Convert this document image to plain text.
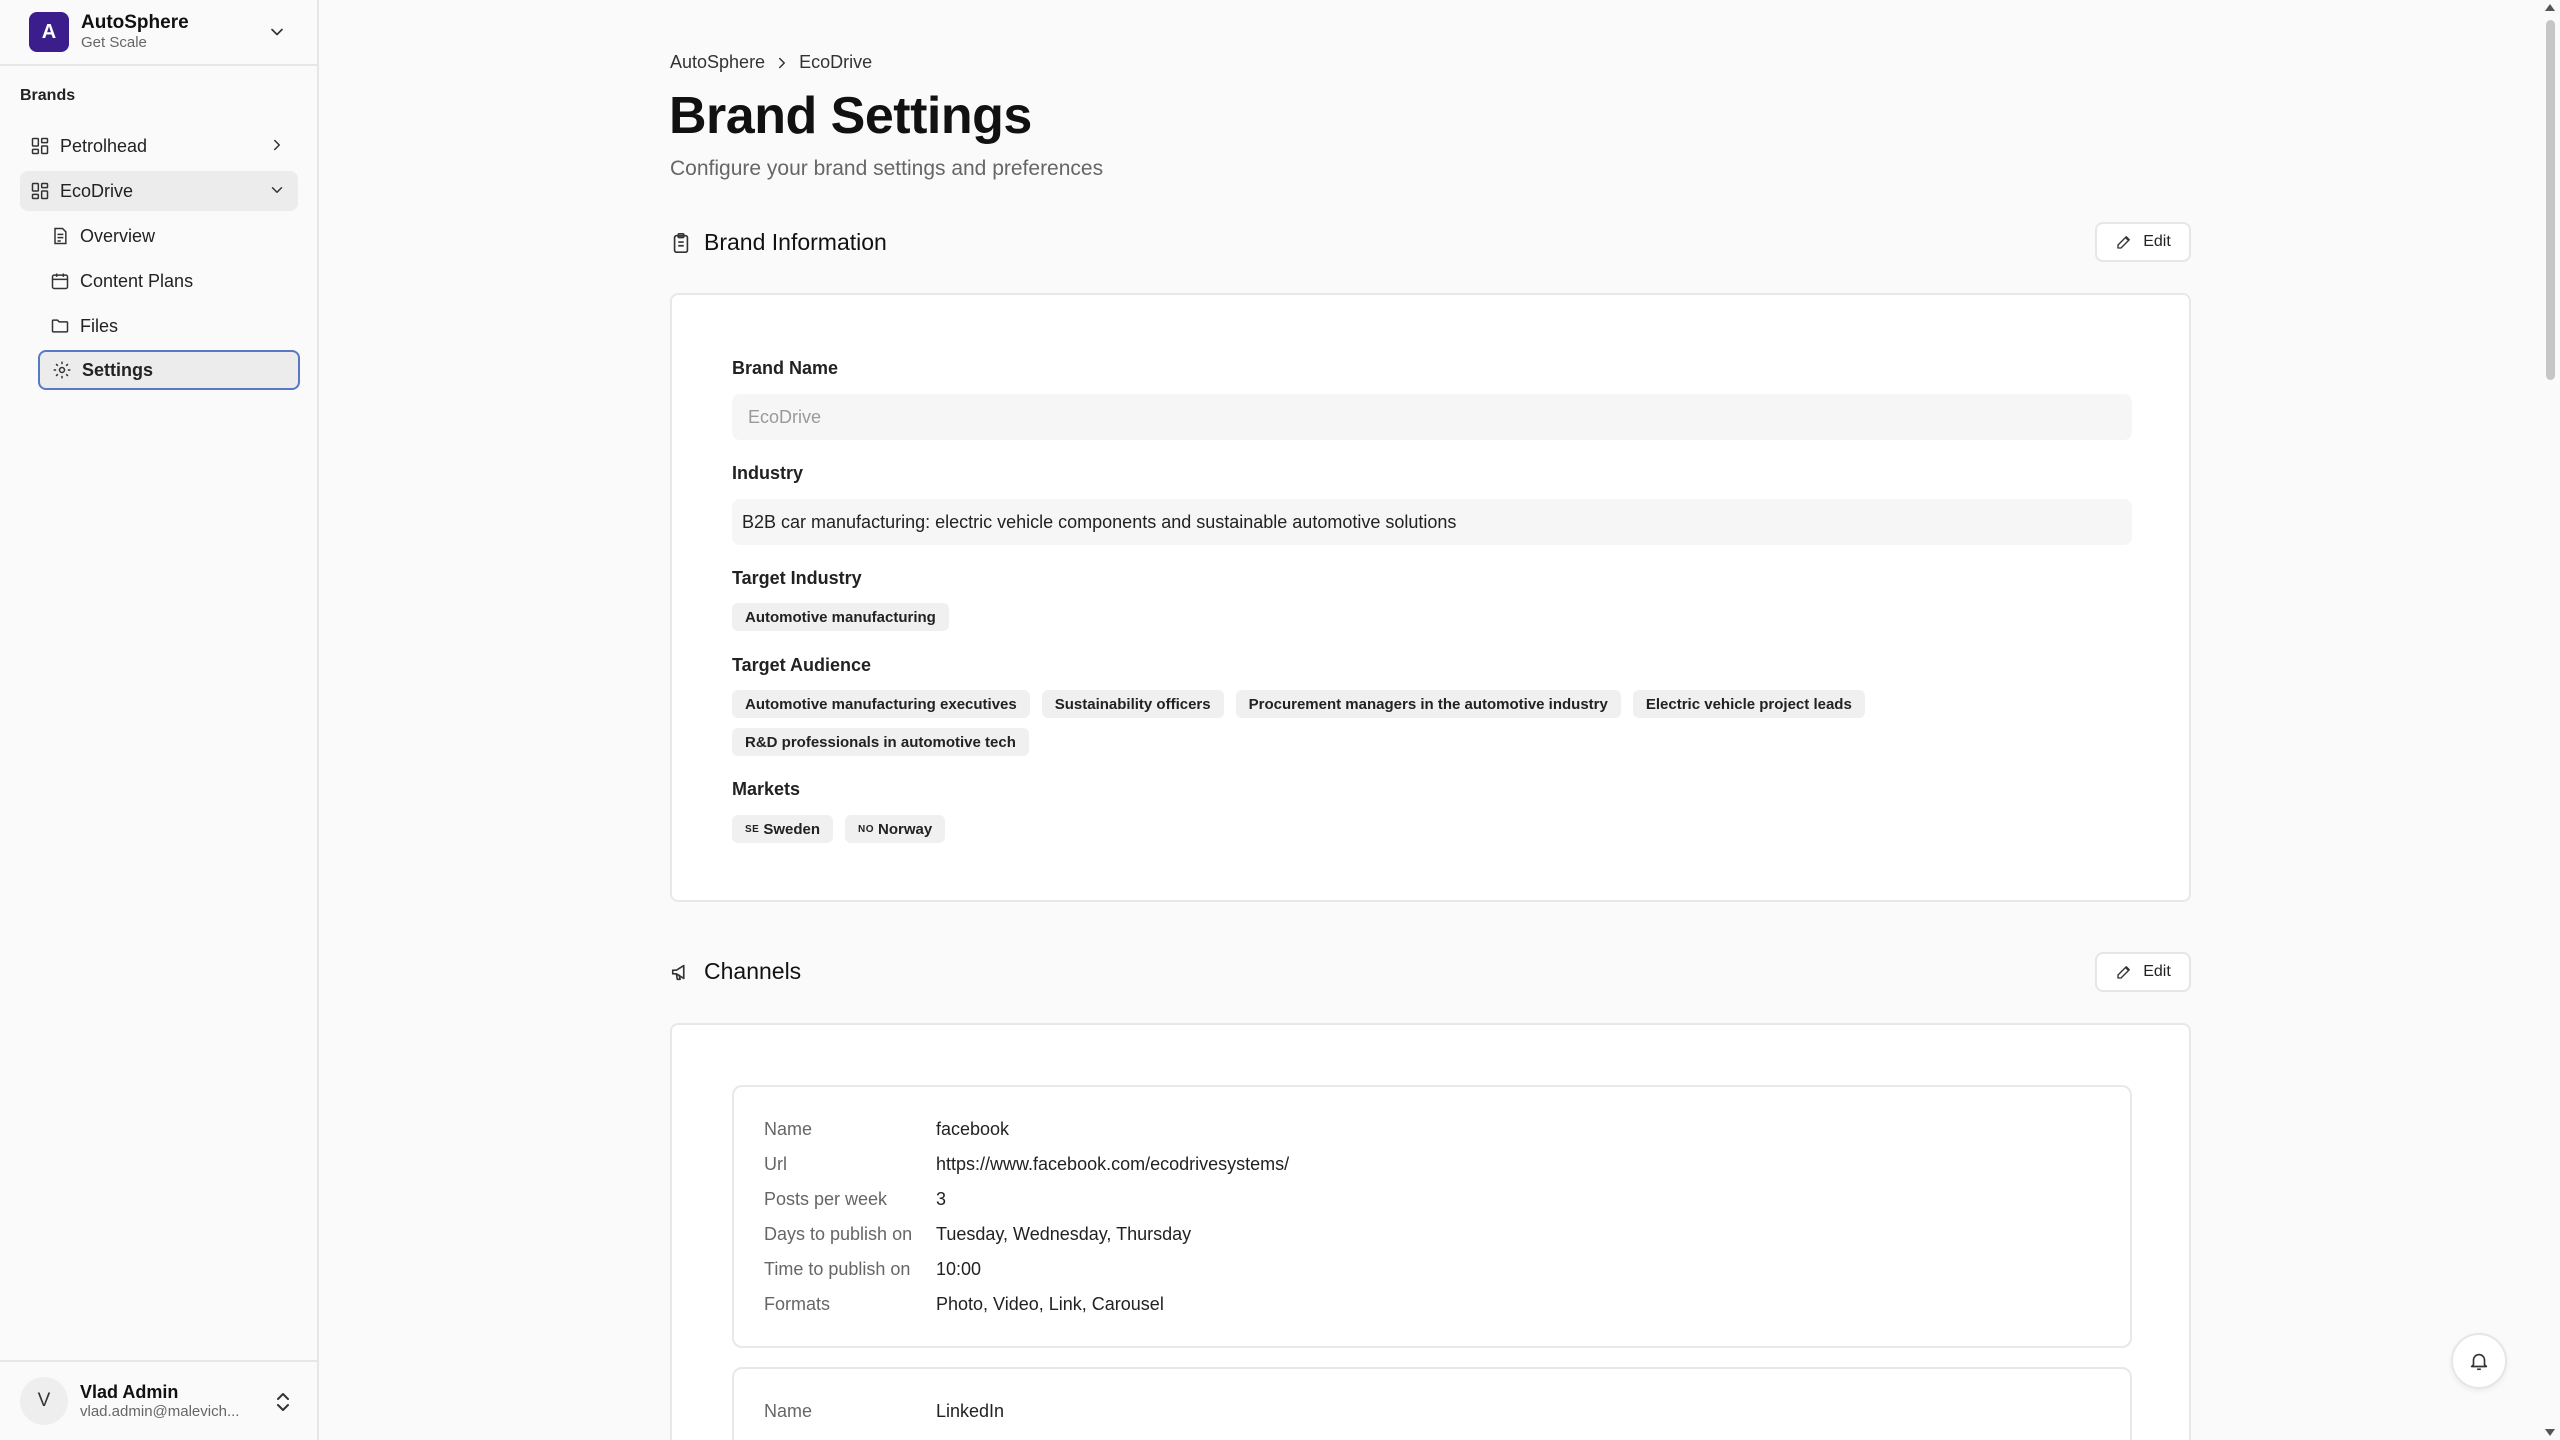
A	AutoSphere
Get Scale
Brands
Petrolhead
EcoDrive
Overview
Content Plans
Files
Settings
V	Vlad Admin
vlad.admin@malevich...
AutoSphere EcoDrive
Brand Settings
Configure your brand settings and preferences
Brand Information	Edit
Brand Name
EcoDrive
Industry
B2B car manufacturing: electric vehicle components and sustainable automotive solutions
Target Industry
Automotive manufacturing
Target Audience
Automotive manufacturing executives	Sustainability officers	Procurement managers in the automotive industry	Electric vehicle project leads
R&D professionals in automotive tech
Markets
SE Sweden	NO Norway
Channels	Edit
Name	facebook
Url	https://www.facebook.com/ecodrivesystems/
Posts per week	3
Days to publish on	Tuesday, Wednesday, Thursday
Time to publish on	10:00
Formats	Photo, Video, Link, Carousel
Name	LinkedIn
